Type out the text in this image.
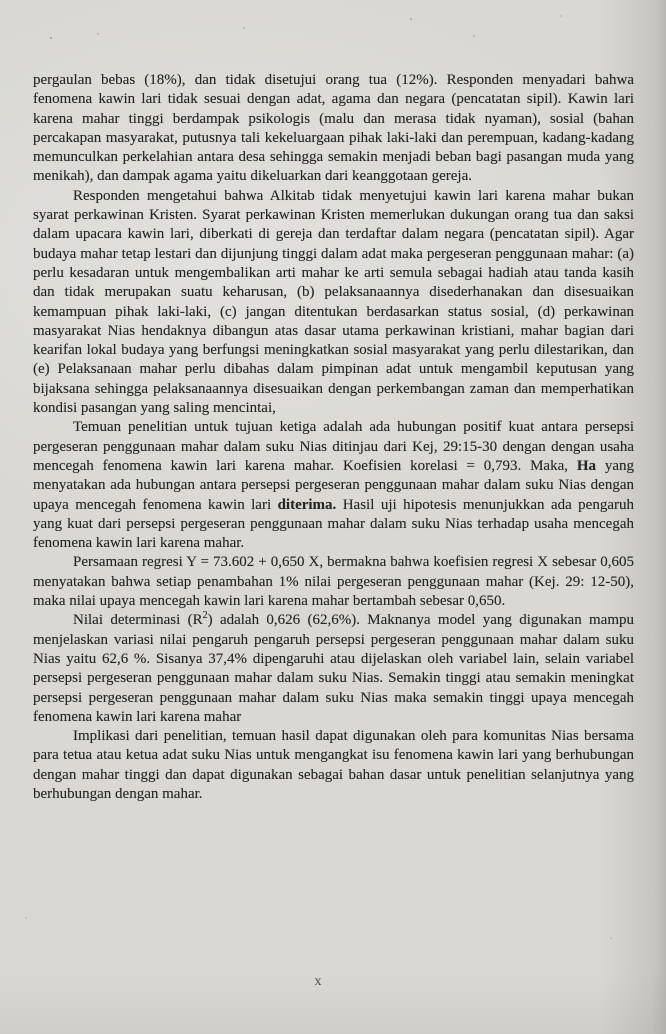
pergaulan bebas (18%), dan tidak disetujui orang tua (12%). Responden menyadari bahwa fenomena kawin lari tidak sesuai dengan adat, agama dan negara (pencatatan sipil). Kawin lari karena mahar tinggi berdampak psikologis (malu dan merasa tidak nyaman), sosial (bahan percakapan masyarakat, putusnya tali kekeluargaan pihak laki-laki dan perempuan, kadang-kadang memunculkan perkelahian antara desa sehingga semakin menjadi beban bagi pasangan muda yang menikah), dan dampak agama yaitu dikeluarkan dari keanggotaan gereja.

Responden mengetahui bahwa Alkitab tidak menyetujui kawin lari karena mahar bukan syarat perkawinan Kristen. Syarat perkawinan Kristen memerlukan dukungan orang tua dan saksi dalam upacara kawin lari, diberkati di gereja dan terdaftar dalam negara (pencatatan sipil). Agar budaya mahar tetap lestari dan dijunjung tinggi dalam adat maka pergeseran penggunaan mahar: (a) perlu kesadaran untuk mengembalikan arti mahar ke arti semula sebagai hadiah atau tanda kasih dan tidak merupakan suatu keharusan, (b) pelaksanaannya disederhanakan dan disesuaikan kemampuan pihak laki-laki, (c) jangan ditentukan berdasarkan status sosial, (d) perkawinan masyarakat Nias hendaknya dibangun atas dasar utama perkawinan kristiani, mahar bagian dari kearifan lokal budaya yang berfungsi meningkatkan sosial masyarakat yang perlu dilestarikan, dan (e) Pelaksanaan mahar perlu dibahas dalam pimpinan adat untuk mengambil keputusan yang bijaksana sehingga pelaksanaannya disesuaikan dengan perkembangan zaman dan memperhatikan kondisi pasangan yang saling mencintai,

Temuan penelitian untuk tujuan ketiga adalah ada hubungan positif kuat antara persepsi pergeseran penggunaan mahar dalam suku Nias ditinjau dari Kej, 29:15-30 dengan dengan usaha mencegah fenomena kawin lari karena mahar. Koefisien korelasi = 0,793. Maka, Ha yang menyatakan ada hubungan antara persepsi pergeseran penggunaan mahar dalam suku Nias dengan upaya mencegah fenomena kawin lari diterima. Hasil uji hipotesis menunjukkan ada pengaruh yang kuat dari persepsi pergeseran penggunaan mahar dalam suku Nias terhadap usaha mencegah fenomena kawin lari karena mahar.

Persamaan regresi Y = 73.602 + 0,650 X, bermakna bahwa koefisien regresi X sebesar 0,605 menyatakan bahwa setiap penambahan 1% nilai pergeseran penggunaan mahar (Kej. 29: 12-50), maka nilai upaya mencegah kawin lari karena mahar bertambah sebesar 0,650.

Nilai determinasi $(R^2)$ adalah 0,626 (62,6%). Maknanya model yang digunakan mampu menjelaskan variasi nilai pengaruh pengaruh persepsi pergeseran penggunaan mahar dalam suku Nias yaitu 62,6 %. Sisanya 37,4% dipengaruhi atau dijelaskan oleh variabel lain, selain variabel persepsi pergeseran penggunaan mahar dalam suku Nias. Semakin tinggi atau semakin meningkat persepsi pergeseran penggunaan mahar dalam suku Nias maka semakin tinggi upaya mencegah fenomena kawin lari karena mahar

Implikasi dari penelitian, temuan hasil dapat digunakan oleh para komunitas Nias bersama para tetua atau ketua adat suku Nias untuk mengangkat isu fenomena kawin lari yang berhubungan dengan mahar tinggi dan dapat digunakan sebagai bahan dasar untuk penelitian selanjutnya yang berhubungan dengan mahar.

x
